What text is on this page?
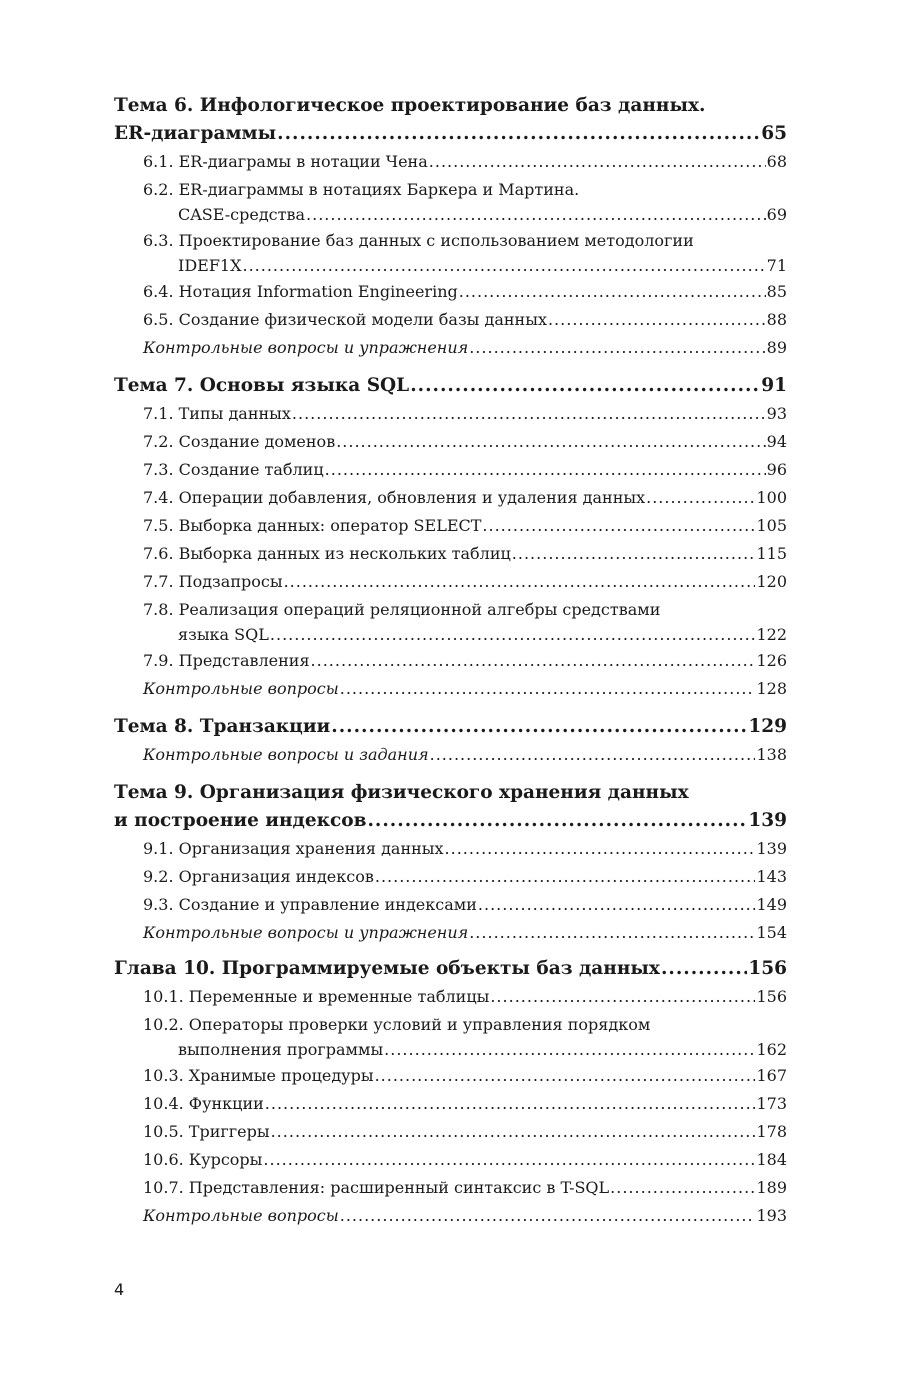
Тема 6. Инфологическое проектирование баз данных.
ER-диаграммы .....	65
6.1. ER-диаграмы в нотации Чена .....	68
6.2. ER-диаграммы в нотациях Баркера и Мартина.
CASE-средства .....	69
6.3. Проектирование баз данных с использованием методологии
IDEF1X .....	71
6.4. Нотация Information Engineering .....	85
6.5. Создание физической модели базы данных .....	88
Контрольные вопросы и упражнения .....	89
Тема 7. Основы языка SQL .....	91
7.1. Типы данных .....	93
7.2. Создание доменов .....	94
7.3. Создание таблиц .....	96
7.4. Операции добавления, обновления и удаления данных .....	100
7.5. Выборка данных: оператор SELECT .....	105
7.6. Выборка данных из нескольких таблиц .....	115
7.7. Подзапросы .....	120
7.8. Реализация операций реляционной алгебры средствами
языка SQL .....	122
7.9. Представления .....	126
Контрольные вопросы .....	128
Тема 8. Транзакции .....	129
Контрольные вопросы и задания .....	138
Тема 9. Организация физического хранения данных
и построение индексов .....	139
9.1. Организация хранения данных .....	139
9.2. Организация индексов .....	143
9.3. Создание и управление индексами .....	149
Контрольные вопросы и упражнения .....	154
Глава 10. Программируемые объекты баз данных .....	156
10.1. Переменные и временные таблицы .....	156
10.2. Операторы проверки условий и управления порядком
выполнения программы .....	162
10.3. Хранимые процедуры .....	167
10.4. Функции .....	173
10.5. Триггеры .....	178
10.6. Курсоры .....	184
10.7. Представления: расширенный синтаксис в T-SQL .....	189
Контрольные вопросы .....	193
4
